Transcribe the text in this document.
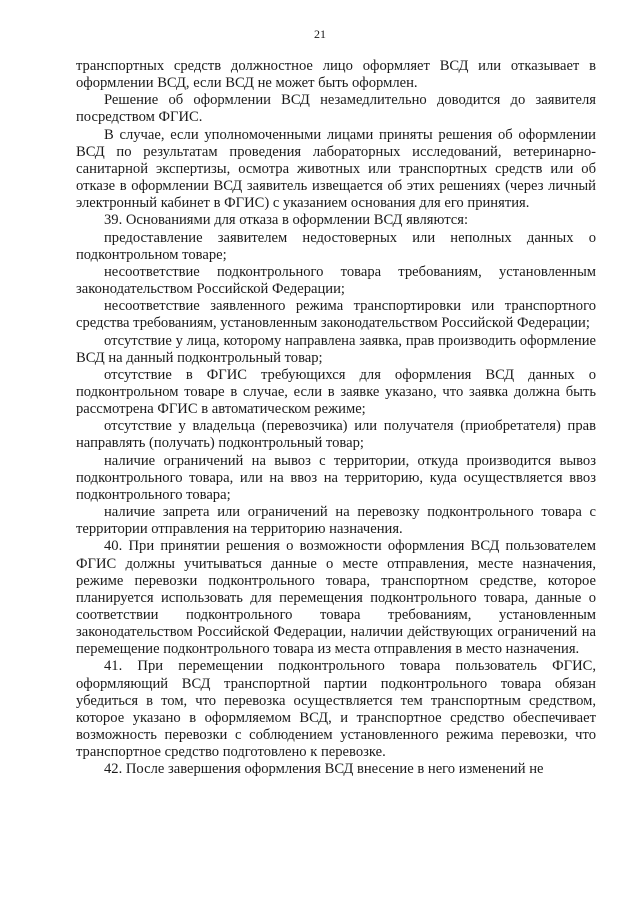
21

транспортных средств должностное лицо оформляет ВСД или отказывает в оформлении ВСД, если ВСД не может быть оформлен.

Решение об оформлении ВСД незамедлительно доводится до заявителя посредством ФГИС.

В случае, если уполномоченными лицами приняты решения об оформлении ВСД по результатам проведения лабораторных исследований, ветеринарно-санитарной экспертизы, осмотра животных или транспортных средств или об отказе в оформлении ВСД заявитель извещается об этих решениях (через личный электронный кабинет в ФГИС) с указанием основания для его принятия.

39. Основаниями для отказа в оформлении ВСД являются:

предоставление заявителем недостоверных или неполных данных о подконтрольном товаре;

несоответствие подконтрольного товара требованиям, установленным законодательством Российской Федерации;

несоответствие заявленного режима транспортировки или транспортного средства требованиям, установленным законодательством Российской Федерации;

отсутствие у лица, которому направлена заявка, прав производить оформление ВСД на данный подконтрольный товар;

отсутствие в ФГИС требующихся для оформления ВСД данных о подконтрольном товаре в случае, если в заявке указано, что заявка должна быть рассмотрена ФГИС в автоматическом режиме;

отсутствие у владельца (перевозчика) или получателя (приобретателя) прав направлять (получать) подконтрольный товар;

наличие ограничений на вывоз с территории, откуда производится вывоз подконтрольного товара, или на ввоз на территорию, куда осуществляется ввоз подконтрольного товара;

наличие запрета или ограничений на перевозку подконтрольного товара с территории отправления на территорию назначения.

40. При принятии решения о возможности оформления ВСД пользователем ФГИС должны учитываться данные о месте отправления, месте назначения, режиме перевозки подконтрольного товара, транспортном средстве, которое планируется использовать для перемещения подконтрольного товара, данные о соответствии подконтрольного товара требованиям, установленным законодательством Российской Федерации, наличии действующих ограничений на перемещение подконтрольного товара из места отправления в место назначения.

41. При перемещении подконтрольного товара пользователь ФГИС, оформляющий ВСД транспортной партии подконтрольного товара обязан убедиться в том, что перевозка осуществляется тем транспортным средством, которое указано в оформляемом ВСД, и транспортное средство обеспечивает возможность перевозки с соблюдением установленного режима перевозки, что транспортное средство подготовлено к перевозке.

42. После завершения оформления ВСД внесение в него изменений не
